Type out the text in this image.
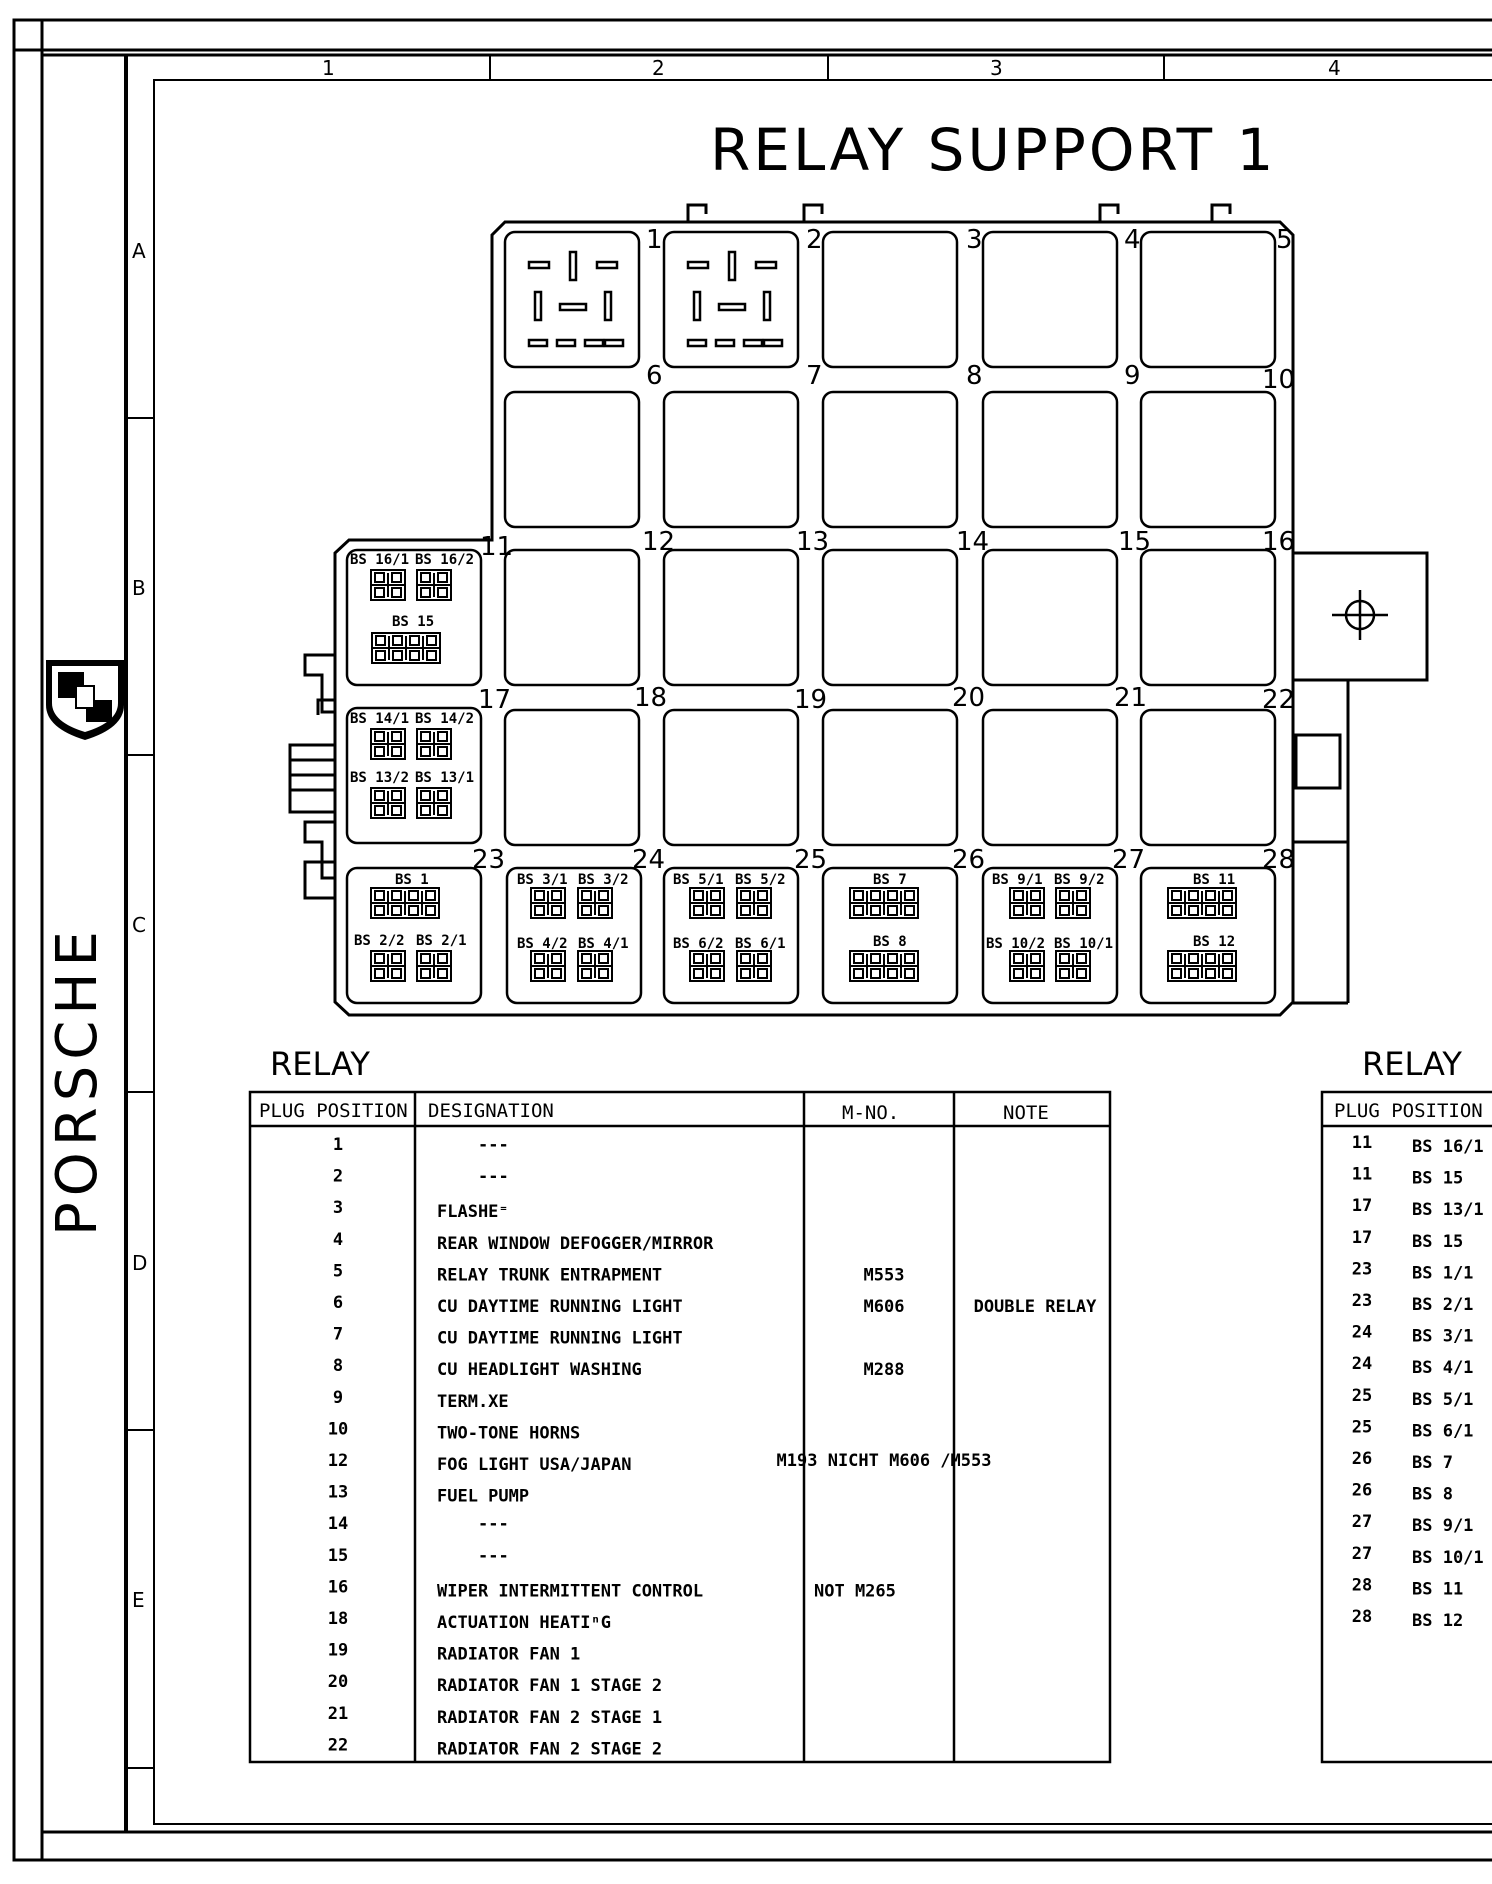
1	2	3	4
A
B
C
D
E
PORSCHE
RELAY SUPPORT 1
1	2	3	4	5
6	7	8	9	10
11	12	13	14	15	16
17	18	19	20	21	22
23	24	25	26	27	28
BS 16/1 BS 16/2
BS 15
BS 14/1 BS 14/2
BS 13/2 BS 13/1
BS 1
BS 2/2 BS 2/1
BS 3/1 BS 3/2
BS 4/2 BS 4/1
BS 5/1 BS 5/2
BS 6/2 BS 6/1
BS 7
BS 8
BS 9/1 BS 9/2
BS 10/2 BS 10/1
BS 11
BS 12
RELAY
PLUG POSITION DESIGNATION	M-NO.	NOTE
1	---
2	---
3	FLASHE⁼
4	REAR WINDOW DEFOGGER/MIRROR
5	RELAY TRUNK ENTRAPMENT	M553
6	CU DAYTIME RUNNING LIGHT	M606	DOUBLE RELAY
7	CU DAYTIME RUNNING LIGHT
8	CU HEADLIGHT WASHING	M288
9	TERM.XE
10	TWO-TONE HORNS
12	FOG LIGHT USA/JAPAN	M193 NICHT M606 /M553
13	FUEL PUMP
14	---
15	---
16	WIPER INTERMITTENT CONTROL	NOT M265
18	ACTUATION HEATIⁿG
19	RADIATOR FAN 1
20	RADIATOR FAN 1 STAGE 2
21	RADIATOR FAN 2 STAGE 1
22	RADIATOR FAN 2 STAGE 2
RELAY
PLUG POSITION
11 BS 16/1
11 BS 15
17 BS 13/1
17 BS 15
23 BS 1/1
23 BS 2/1
24 BS 3/1
24 BS 4/1
25 BS 5/1
25 BS 6/1
26 BS 7
26 BS 8
27 BS 9/1
27 BS 10/1
28 BS 11
28 BS 12
